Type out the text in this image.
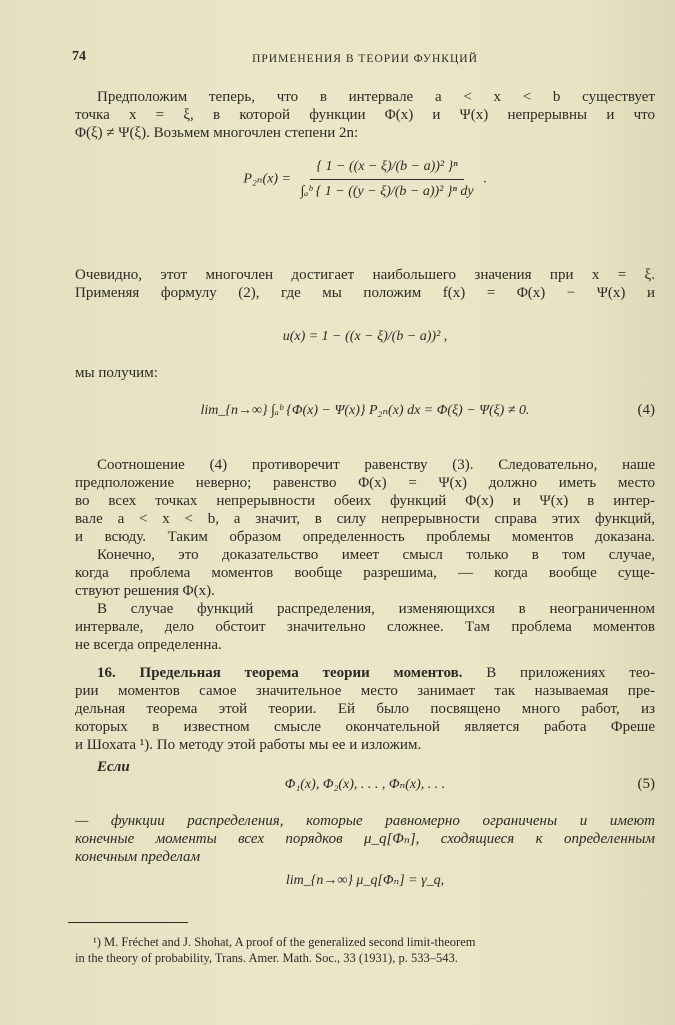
74	ПРИМЕНЕНИЯ В ТЕОРИИ ФУНКЦИЙ
Предположим теперь, что в интервале a < x < b существует
точка x = ξ, в которой функции Φ(x) и Ψ(x) непрерывны и что
Φ(ξ) ≠ Ψ(ξ). Возьмем многочлен степени 2n:
$P_{2n}(x) = \frac{\text{\{ 1 − ((x − ξ)/(b − a))² \}ⁿ}}{\text{∫ₐᵇ \{ 1 − ((y − ξ)/(b − a))² \}ⁿ dy}}$ .
Очевидно, этот многочлен достигает наибольшего значения при x = ξ.
Применяя формулу (2), где мы положим f(x) = Φ(x) − Ψ(x) и
u(x) = 1 − ((x − ξ)/(b − a))² ,
мы получим:
lim_{n→∞} ∫ₐᵇ {Φ(x) − Ψ(x)} P₂ₙ(x) dx = Φ(ξ) − Ψ(ξ) ≠ 0.	(4)
Соотношение (4) противоречит равенству (3). Следовательно, наше
предположение неверно; равенство Φ(x) = Ψ(x) должно иметь место
во всех точках непрерывности обеих функций Φ(x) и Ψ(x) в интер-
вале a < x < b, а значит, в силу непрерывности справа этих функций,
и всюду. Таким образом определенность проблемы моментов доказана.
Конечно, это доказательство имеет смысл только в том случае,
когда проблема моментов вообще разрешима, — когда вообще суще-
ствуют решения Φ(x).
В случае функций распределения, изменяющихся в неограниченном
интервале, дело обстоит значительно сложнее. Там проблема моментов
не всегда определенна.
16. Предельная теорема теории моментов. В приложениях тео-
рии моментов самое значительное место занимает так называемая пре-
дельная теорема этой теории. Ей было посвящено много работ, из
которых в известном смысле окончательной является работа Фреше
и Шохата ¹). По методу этой работы мы ее и изложим.
Если
Φ₁(x), Φ₂(x), . . . , Φₙ(x), . . .	(5)
— функции распределения, которые равномерно ограничены и имеют
конечные моменты всех порядков μ_q[Φₙ], сходящиеся к определенным
конечным пределам
lim_{n→∞} μ_q[Φₙ] = γ_q,
¹) M. Fréchet and J. Shohat, A proof of the generalized second limit-theorem
in the theory of probability, Trans. Amer. Math. Soc., 33 (1931), p. 533–543.
